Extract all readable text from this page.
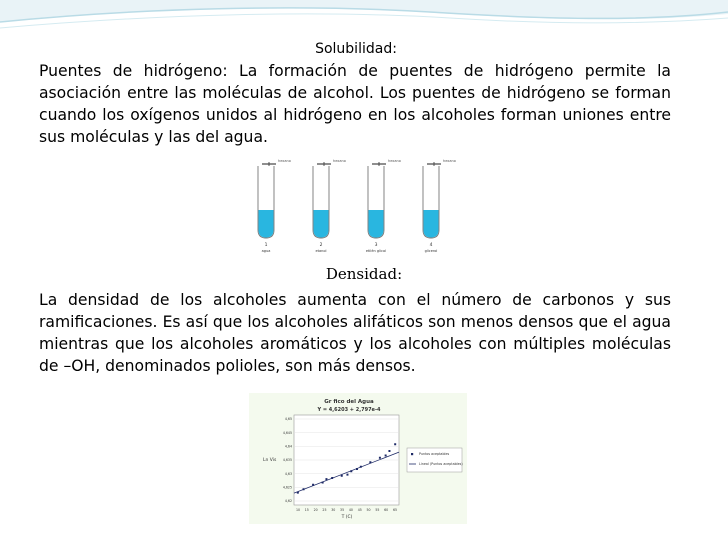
Solubilidad:
Puentes de hidrógeno: La formación de puentes de hidrógeno permite la asociación entre las moléculas de alcohol. Los puentes de hidrógeno se forman cuando los oxígenos unidos al hidrógeno en los alcoholes forman uniones entre sus moléculas y las del agua.
hexano
1
agua
hexano
2
etanol
hexano
3
etilén glicol
hexano
4
glicerol
Densidad:
La densidad de los alcoholes aumenta con el número de carbonos y sus ramificaciones. Es así que los alcoholes alifáticos son menos densos que el agua mientras que los alcoholes aromáticos y los alcoholes con múltiples moléculas de –OH, denominados polioles, son más densos.
Gr fico del Agua
Y = 4,6203 + 2,797e-4
4,65
4,645
4,64
4,635
4,63
4,625
4,62
10 15 20 25 30 35 40 45 50 55 60 65
Ln Vis
T (C)
Puntos aceptables
Lineal (Puntos aceptables)
